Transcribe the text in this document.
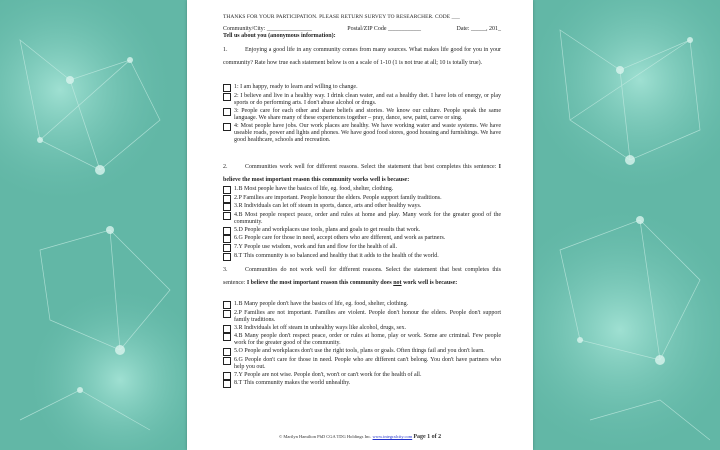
THANKS FOR YOUR PARTICIPATION. PLEASE RETURN SURVEY TO RESEARCHER. CODE ___
Community/City: _______________	Postal/ZIP Code ___________	Date: _____, 201_
Tell us about you (anonymous information):
1.	Enjoying a good life in any community comes from many sources. What makes life good for you in your community? Rate how true each statement below is on a scale of 1-10 (1 is not true at all; 10 is totally true).
1: I am happy, ready to learn and willing to change.
2: I believe and live in a healthy way. I drink clean water, and eat a healthy diet. I have lots of energy, or play sports or do performing arts. I don't abuse alcohol or drugs.
3: People care for each other and share beliefs and stories. We know our culture. People speak the same language. We share many of these experiences together – pray, dance, sew, paint, carve or sing.
4: Most people have jobs. Our work places are healthy. We have working water and waste systems. We have useable roads, power and lights and phones. We have good food stores, good housing and furnishings. We have good healthcare, schools and recreation.
2.	Communities work well for different reasons. Select the statement that best completes this sentence: I believe the most important reason this community works well is because:
1.B Most people have the basics of life, eg. food, shelter, clothing.
2.P Families are important. People honour the elders. People support family traditions.
3.R Individuals can let off steam in sports, dance, arts and other healthy ways.
4.B Most people respect peace, order and rules at home and play. Many work for the greater good of the community.
5.D People and workplaces use tools, plans and goals to get results that work.
6.G People care for those in need, accept others who are different, and work as partners.
7.Y People use wisdom, work and fun and flow for the health of all.
8.T This community is so balanced and healthy that it adds to the health of the world.
3.	Communities do not work well for different reasons. Select the statement that best completes this sentence: I believe the most important reason this community does not work well is because:
1.B Many people don't have the basics of life, eg. food, shelter, clothing.
2.P Families are not important. Families are violent. People don't honour the elders. People don't support family traditions.
3.R Individuals let off steam in unhealthy ways like alcohol, drugs, sex.
4.B Many people don't respect peace, order or rules at home, play or work. Some are criminal. Few people work for the greater good of the community.
5.O People and workplaces don't use the right tools, plans or goals. Often things fail and you don't learn.
6.G People don't care for those in need. People who are different can't belong. You don't have partners who help you out.
7.Y People are not wise. People don't, won't or can't work for the health of all.
8.T This community makes the world unhealthy.
© Marilyn Hamilton PhD CGA TDG Holdings Inc. www.integralcity.com Page 1 of 2
